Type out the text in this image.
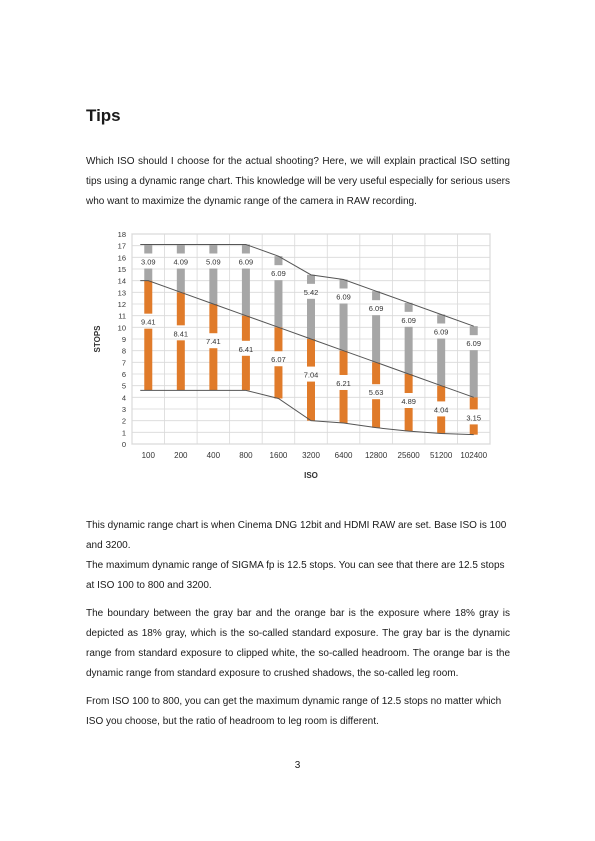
Tips

Which ISO should I choose for the actual shooting? Here, we will explain practical ISO setting tips using a dynamic range chart. This knowledge will be very useful especially for serious users who want to maximize the dynamic range of the camera in RAW recording.

0
1
2
3
4
5
6
7
8
9
10
11
12
13
14
15
16
17
18
3.09
9.41
100
4.09
8.41
200
5.09
7.41
400
6.09
6.41
800
6.09
6.07
1600
5.42
7.04
3200
6.09
6.21
6400
6.09
5.63
12800
6.09
4.89
25600
6.09
4.04
51200
6.09
3.15
102400
ISO
STOPS

This dynamic range chart is when Cinema DNG 12bit and HDMI RAW are set. Base ISO is 100 and 3200.

The maximum dynamic range of SIGMA fp is 12.5 stops. You can see that there are 12.5 stops at ISO 100 to 800 and 3200.

The boundary between the gray bar and the orange bar is the exposure where 18% gray is depicted as 18% gray, which is the so-called standard exposure. The gray bar is the dynamic range from standard exposure to clipped white, the so-called headroom. The orange bar is the dynamic range from standard exposure to crushed shadows, the so-called leg room.

From ISO 100 to 800, you can get the maximum dynamic range of 12.5 stops no matter which ISO you choose, but the ratio of headroom to leg room is different.

3
